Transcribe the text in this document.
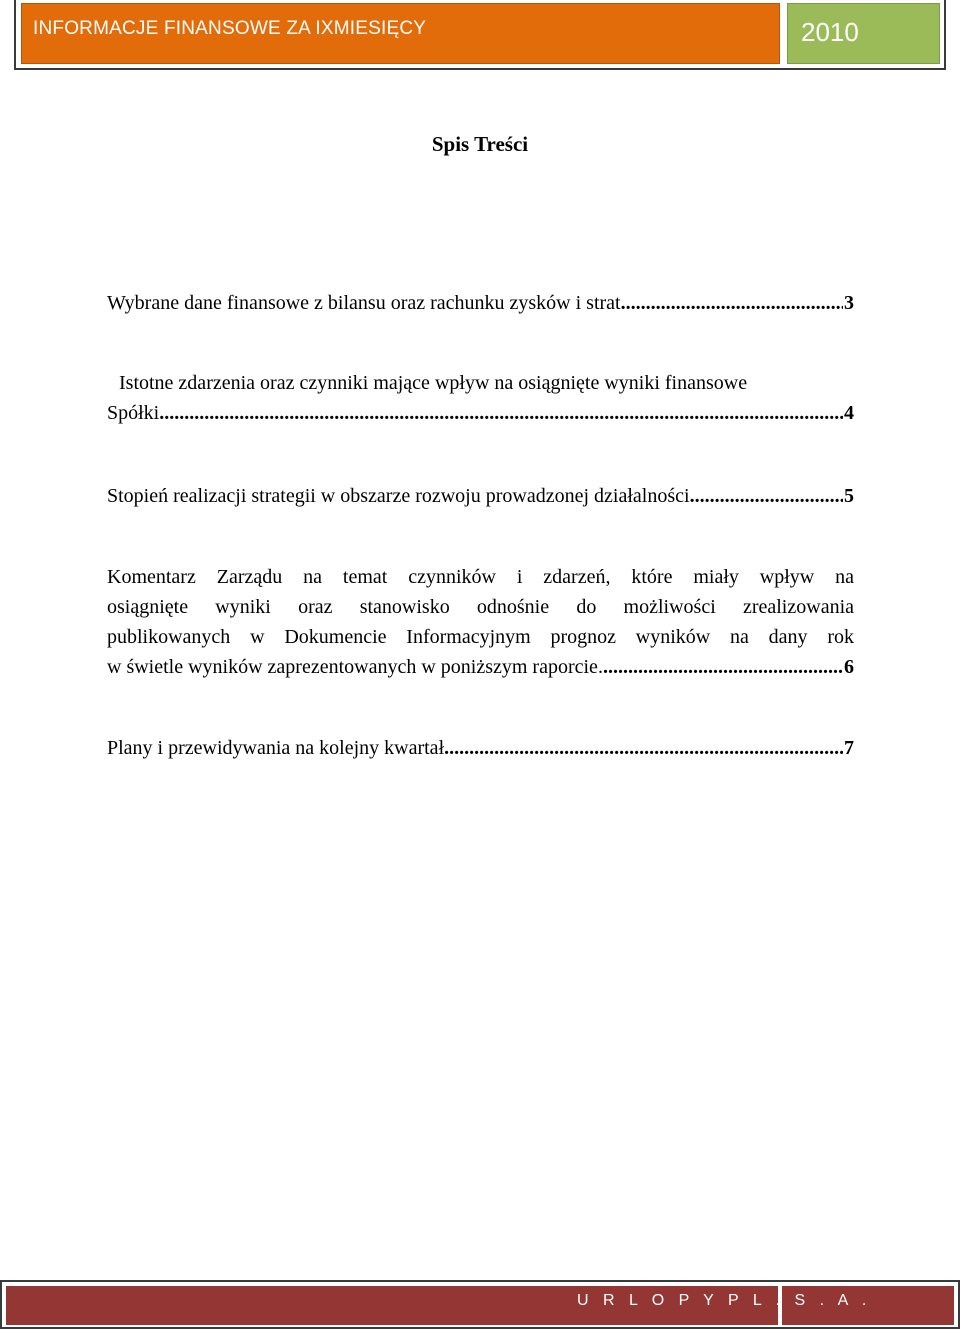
INFORMACJE FINANSOWE ZA IXMIESIĘCY	2010
Spis Treści
Wybrane dane finansowe z bilansu oraz rachunku zysków i strat .....	3
Istotne zdarzenia oraz czynniki mające wpływ na osiągnięte wyniki finansowe
Spółki .....	4
Stopień realizacji strategii w obszarze rozwoju prowadzonej działalności .....	5
Komentarz Zarządu na temat czynników i zdarzeń, które miały wpływ na
osiągnięte wyniki oraz stanowisko odnośnie do możliwości zrealizowania
publikowanych w Dokumencie Informacyjnym prognoz wyników na dany rok
w świetle wyników zaprezentowanych w poniższym raporcie. .....	6
Plany i przewidywania na kolejny kwartał .....	7
U R L O P Y P L . S . A .
